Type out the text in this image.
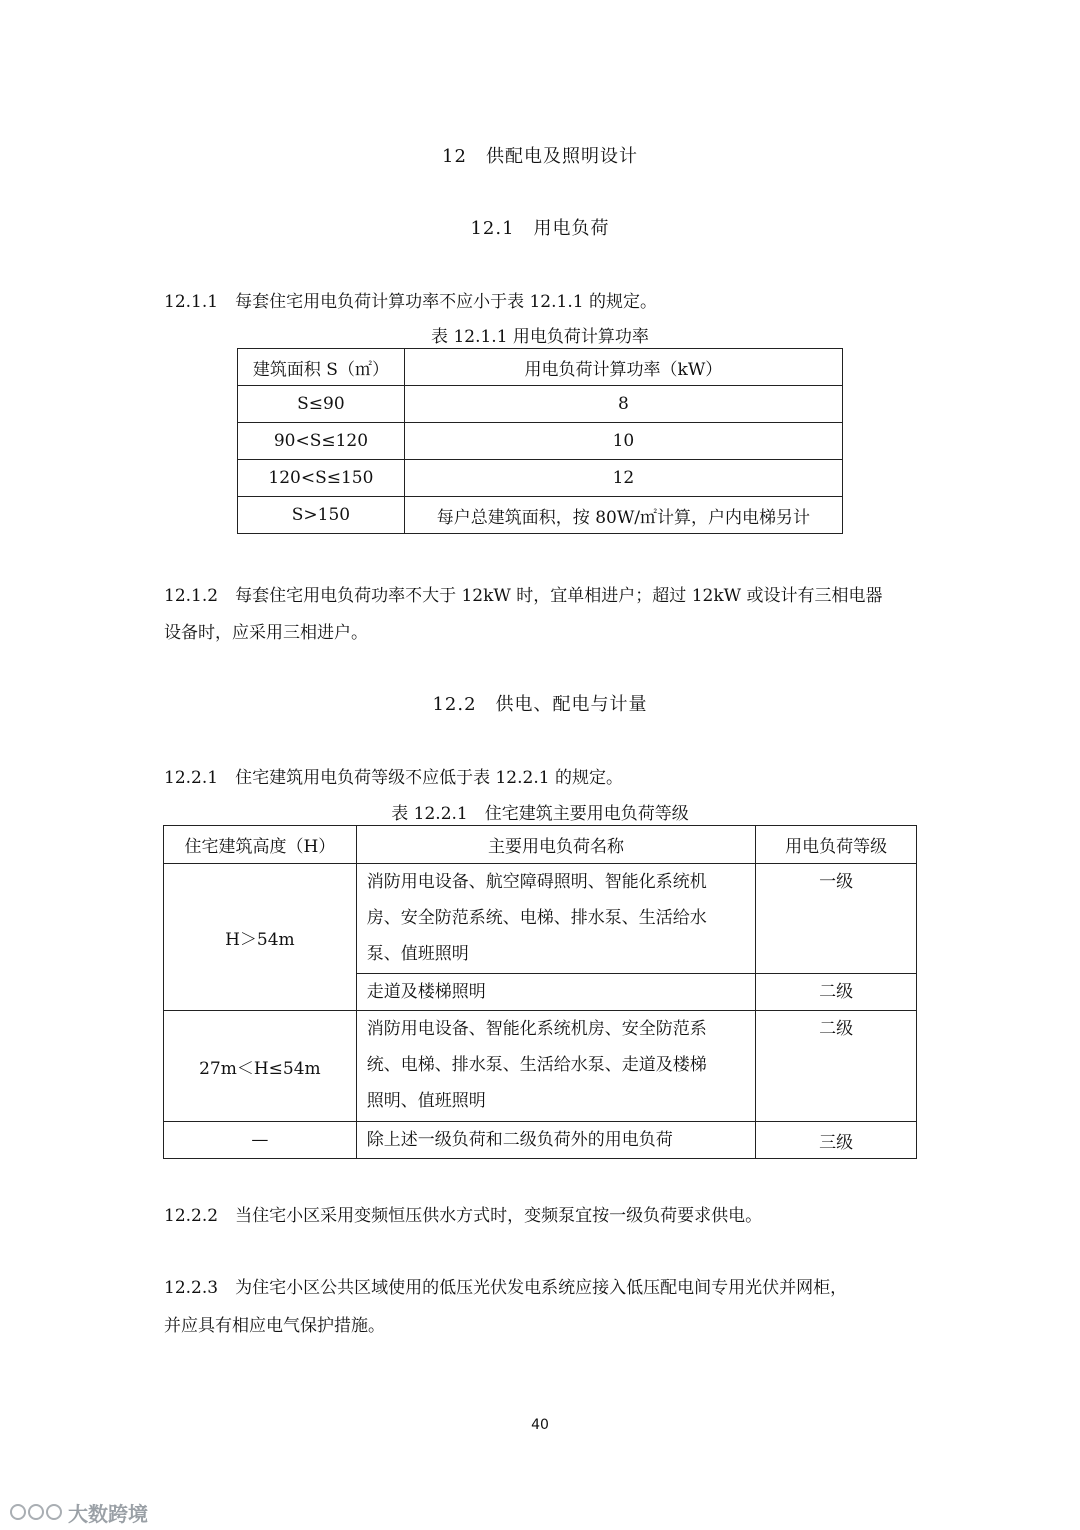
12　供配电及照明设计
12.1　用电负荷
12.1.1　每套住宅用电负荷计算功率不应小于表 12.1.1 的规定。
表 12.1.1 用电负荷计算功率
建筑面积 S（㎡）	用电负荷计算功率（kW）
S≤90	8
90<S≤120	10
120<S≤150	12
S>150	每户总建筑面积，按 80W/㎡计算，户内电梯另计
12.1.2　每套住宅用电负荷功率不大于 12kW 时，宜单相进户；超过 12kW 或设计有三相电器
设备时，应采用三相进户。
12.2　供电、配电与计量
12.2.1　住宅建筑用电负荷等级不应低于表 12.2.1 的规定。
表 12.2.1　住宅建筑主要用电负荷等级
住宅建筑高度（H）	主要用电负荷名称	用电负荷等级
H＞54m	消防用电设备、航空障碍照明、智能化系统机
房、安全防范系统、电梯、排水泵、生活给水
泵、值班照明	一级
	走道及楼梯照明	二级
27m＜H≤54m	消防用电设备、智能化系统机房、安全防范系
统、电梯、排水泵、生活给水泵、走道及楼梯
照明、值班照明	二级
—	除上述一级负荷和二级负荷外的用电负荷	三级
12.2.2　当住宅小区采用变频恒压供水方式时，变频泵宜按一级负荷要求供电。
12.2.3　为住宅小区公共区域使用的低压光伏发电系统应接入低压配电间专用光伏并网柜，
并应具有相应电气保护措施。
40
大数跨境
